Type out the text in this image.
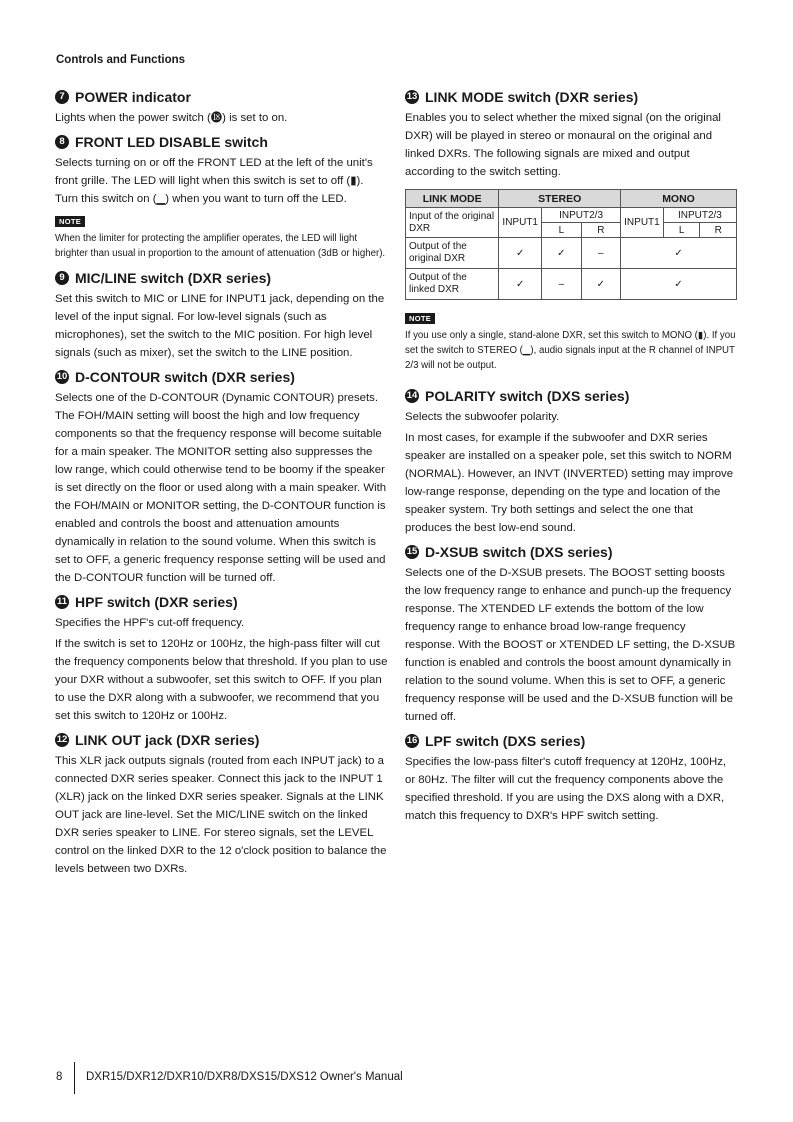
Controls and Functions
7 POWER indicator

Lights when the power switch (⓲) is set to on.

8 FRONT LED DISABLE switch

Selects turning on or off the FRONT LED at the left of the unit's front grille. The LED will light when this switch is set to off (▮). Turn this switch on (▁) when you want to turn off the LED.

NOTE

When the limiter for protecting the amplifier operates, the LED will light brighter than usual in proportion to the amount of attenuation (3dB or higher).

9 MIC/LINE switch (DXR series)

Set this switch to MIC or LINE for INPUT1 jack, depending on the level of the input signal. For low-level signals (such as microphones), set the switch to the MIC position. For high level signals (such as mixer), set the switch to the LINE position.

10 D-CONTOUR switch (DXR series)

Selects one of the D-CONTOUR (Dynamic CONTOUR) presets. The FOH/MAIN setting will boost the high and low frequency components so that the frequency response will become suitable for a main speaker. The MONITOR setting also suppresses the low range, which could otherwise tend to be boomy if the speaker is set directly on the floor or used along with a main speaker. With the FOH/MAIN or MONITOR setting, the D-CONTOUR function is enabled and controls the boost and attenuation amounts dynamically in relation to the sound volume. When this switch is set to OFF, a generic frequency response setting will be used and the D-CONTOUR function will be turned off.

11 HPF switch (DXR series)

Specifies the HPF's cut-off frequency.

If the switch is set to 120Hz or 100Hz, the high-pass filter will cut the frequency components below that threshold. If you plan to use your DXR without a subwoofer, set this switch to OFF. If you plan to use the DXR along with a subwoofer, we recommend that you set this switch to 120Hz or 100Hz.

12 LINK OUT jack (DXR series)

This XLR jack outputs signals (routed from each INPUT jack) to a connected DXR series speaker. Connect this jack to the INPUT 1 (XLR) jack on the linked DXR series speaker. Signals at the LINK OUT jack are line-level. Set the MIC/LINE switch on the linked DXR series speaker to LINE. For stereo signals, set the LEVEL control on the linked DXR to the 12 o'clock position to balance the levels between two DXRs.

13 LINK MODE switch (DXR series)

Enables you to select whether the mixed signal (on the original DXR) will be played in stereo or monaural on the original and linked DXRs. The following signals are mixed and output according to the switch setting.

LINK MODE	STEREO			MONO		
Input of the original DXR	INPUT1	INPUT2/3		INPUT1	INPUT2/3	
		L	R		L	R
Output of the original DXR	✓	✓	–	✓		
Output of the linked DXR	✓	–	✓	✓		
NOTE

If you use only a single, stand-alone DXR, set this switch to MONO (▮). If you set the switch to STEREO (▁), audio signals input at the R channel of INPUT 2/3 will not be output.

14 POLARITY switch (DXS series)

Selects the subwoofer polarity.

In most cases, for example if the subwoofer and DXR series speaker are installed on a speaker pole, set this switch to NORM (NORMAL). However, an INVT (INVERTED) setting may improve low-range response, depending on the type and location of the speaker system. Try both settings and select the one that produces the best low-end sound.

15 D-XSUB switch (DXS series)

Selects one of the D-XSUB presets. The BOOST setting boosts the low frequency range to enhance and punch-up the frequency response. The XTENDED LF extends the bottom of the low frequency range to enhance broad low-range frequency response. With the BOOST or XTENDED LF setting, the D-XSUB function is enabled and controls the boost amount dynamically in relation to the sound volume. When this is set to OFF, a generic frequency response will be used and the D-XSUB function will be turned off.

16 LPF switch (DXS series)

Specifies the low-pass filter's cutoff frequency at 120Hz, 100Hz, or 80Hz. The filter will cut the frequency components above the specified threshold. If you are using the DXS along with a DXR, match this frequency to DXR's HPF switch setting.

8 DXR15/DXR12/DXR10/DXR8/DXS15/DXS12 Owner's Manual
